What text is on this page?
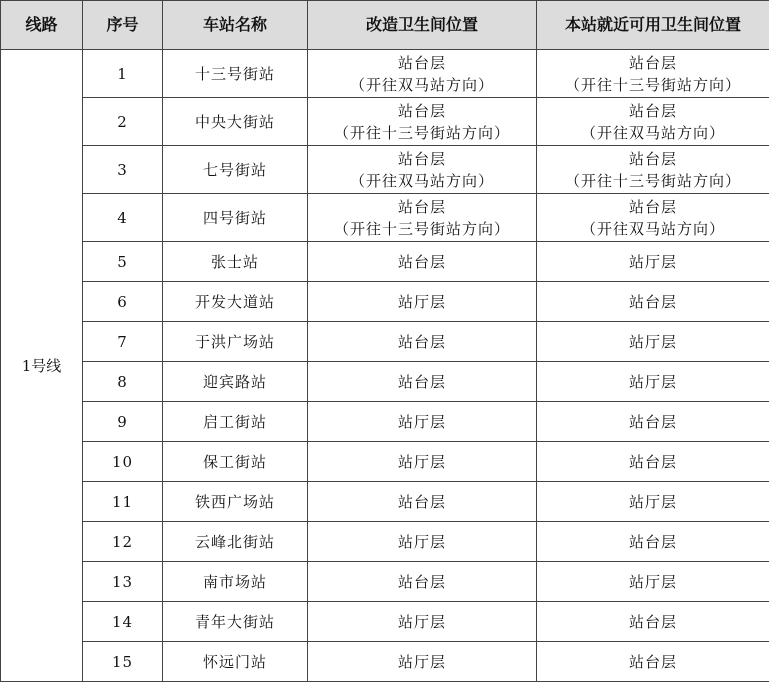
线路	序号	车站名称	改造卫生间位置	本站就近可用卫生间位置
1号线	1	十三号街站	站台层
（开往双马站方向）	站台层
（开往十三号街站方向）

	2	中央大街站	站台层
（开往十三号街站方向）	站台层
（开往双马站方向）

	3	七号街站	站台层
（开往双马站方向）	站台层
（开往十三号街站方向）

	4	四号街站	站台层
（开往十三号街站方向）	站台层
（开往双马站方向）

	5	张士站	站台层	站厅层

	6	开发大道站	站厅层	站台层

	7	于洪广场站	站台层	站厅层

	8	迎宾路站	站台层	站厅层

	9	启工街站	站厅层	站台层

	10	保工街站	站厅层	站台层

	11	铁西广场站	站台层	站厅层

	12	云峰北街站	站厅层	站台层

	13	南市场站	站台层	站厅层

	14	青年大街站	站厅层	站台层

	15	怀远门站	站厅层	站台层
